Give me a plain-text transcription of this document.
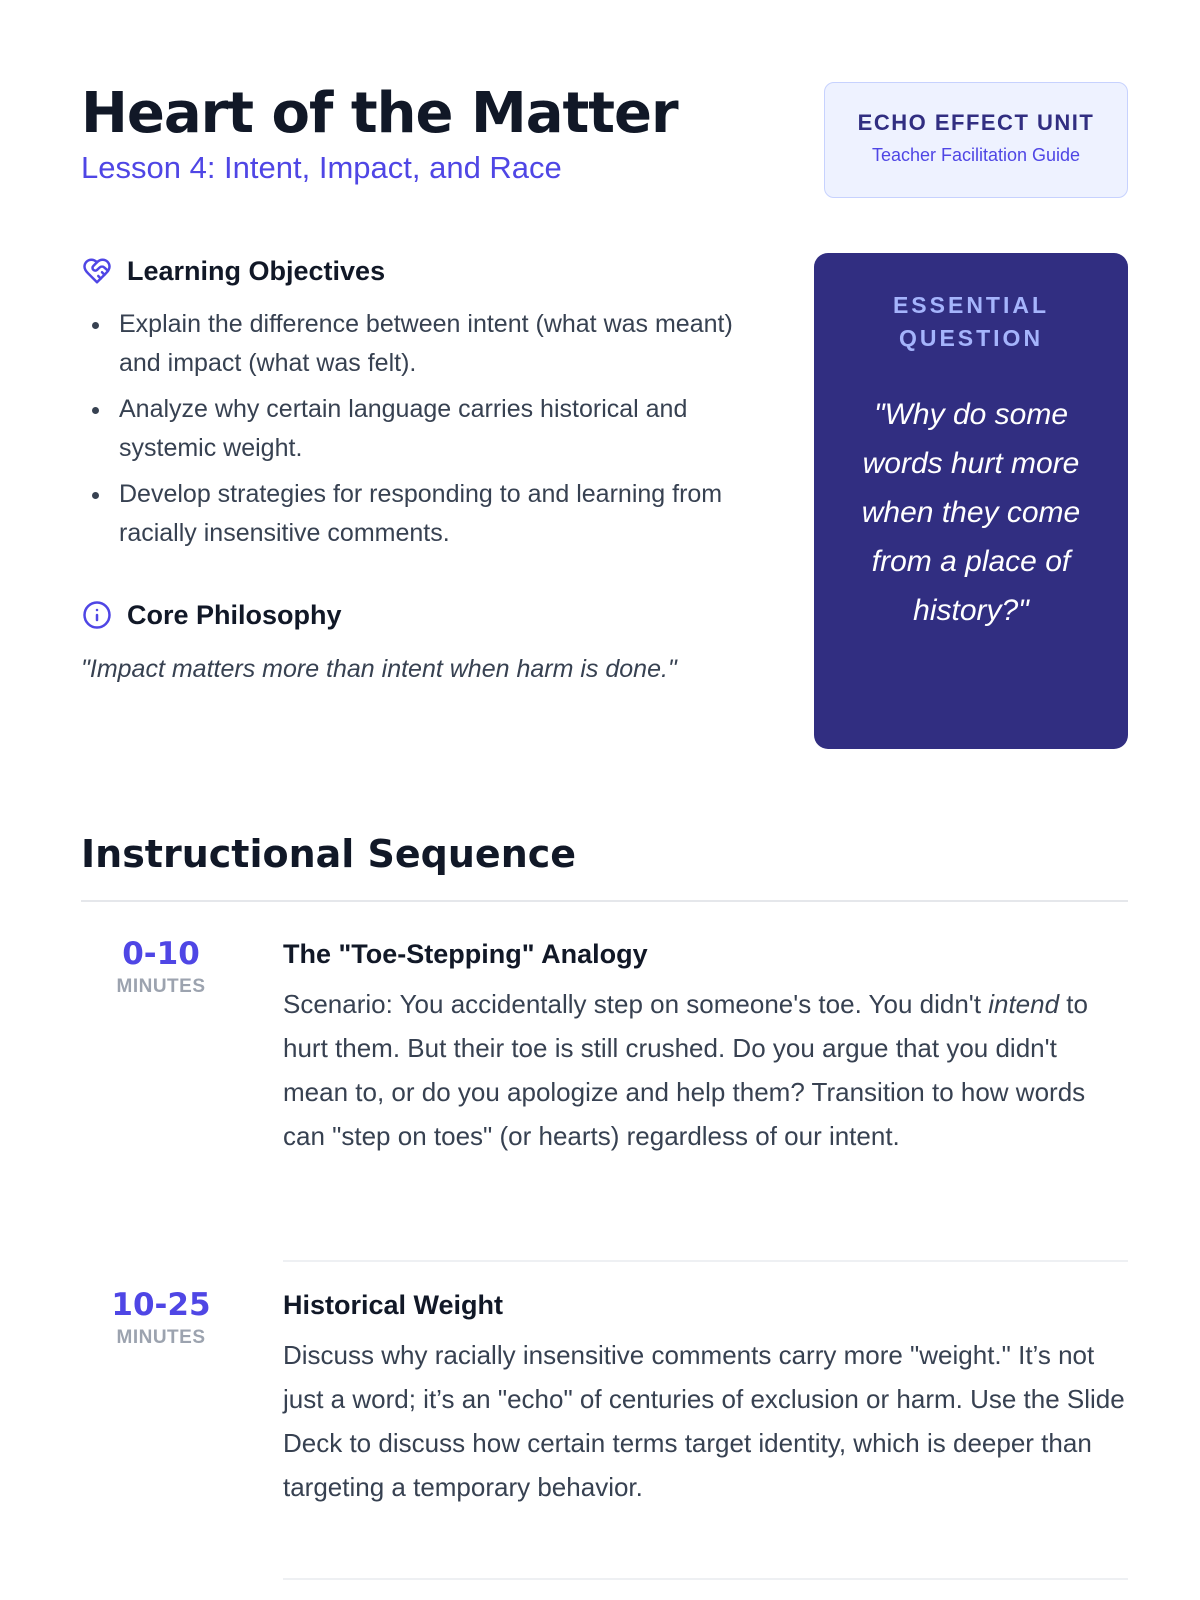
Heart of the Matter
Lesson 4: Intent, Impact, and Race
ECHO EFFECT UNIT
Teacher Facilitation Guide
Learning Objectives
Explain the difference between intent (what was meant) and impact (what was felt).
Analyze why certain language carries historical and systemic weight.
Develop strategies for responding to and learning from racially insensitive comments.
Core Philosophy

"Impact matters more than intent when harm is done."

ESSENTIAL QUESTION
"Why do some words hurt more when they come from a place of history?"
Instructional Sequence
0-10
MINUTES
The "Toe-Stepping" Analogy

Scenario: You accidentally step on someone's toe. You didn't intend to hurt them. But their toe is still crushed. Do you argue that you didn't mean to, or do you apologize and help them? Transition to how words can "step on toes" (or hearts) regardless of our intent.

10-25
MINUTES
Historical Weight

Discuss why racially insensitive comments carry more "weight." It’s not just a word; it’s an "echo" of centuries of exclusion or harm. Use the Slide Deck to discuss how certain terms target identity, which is deeper than targeting a temporary behavior.
